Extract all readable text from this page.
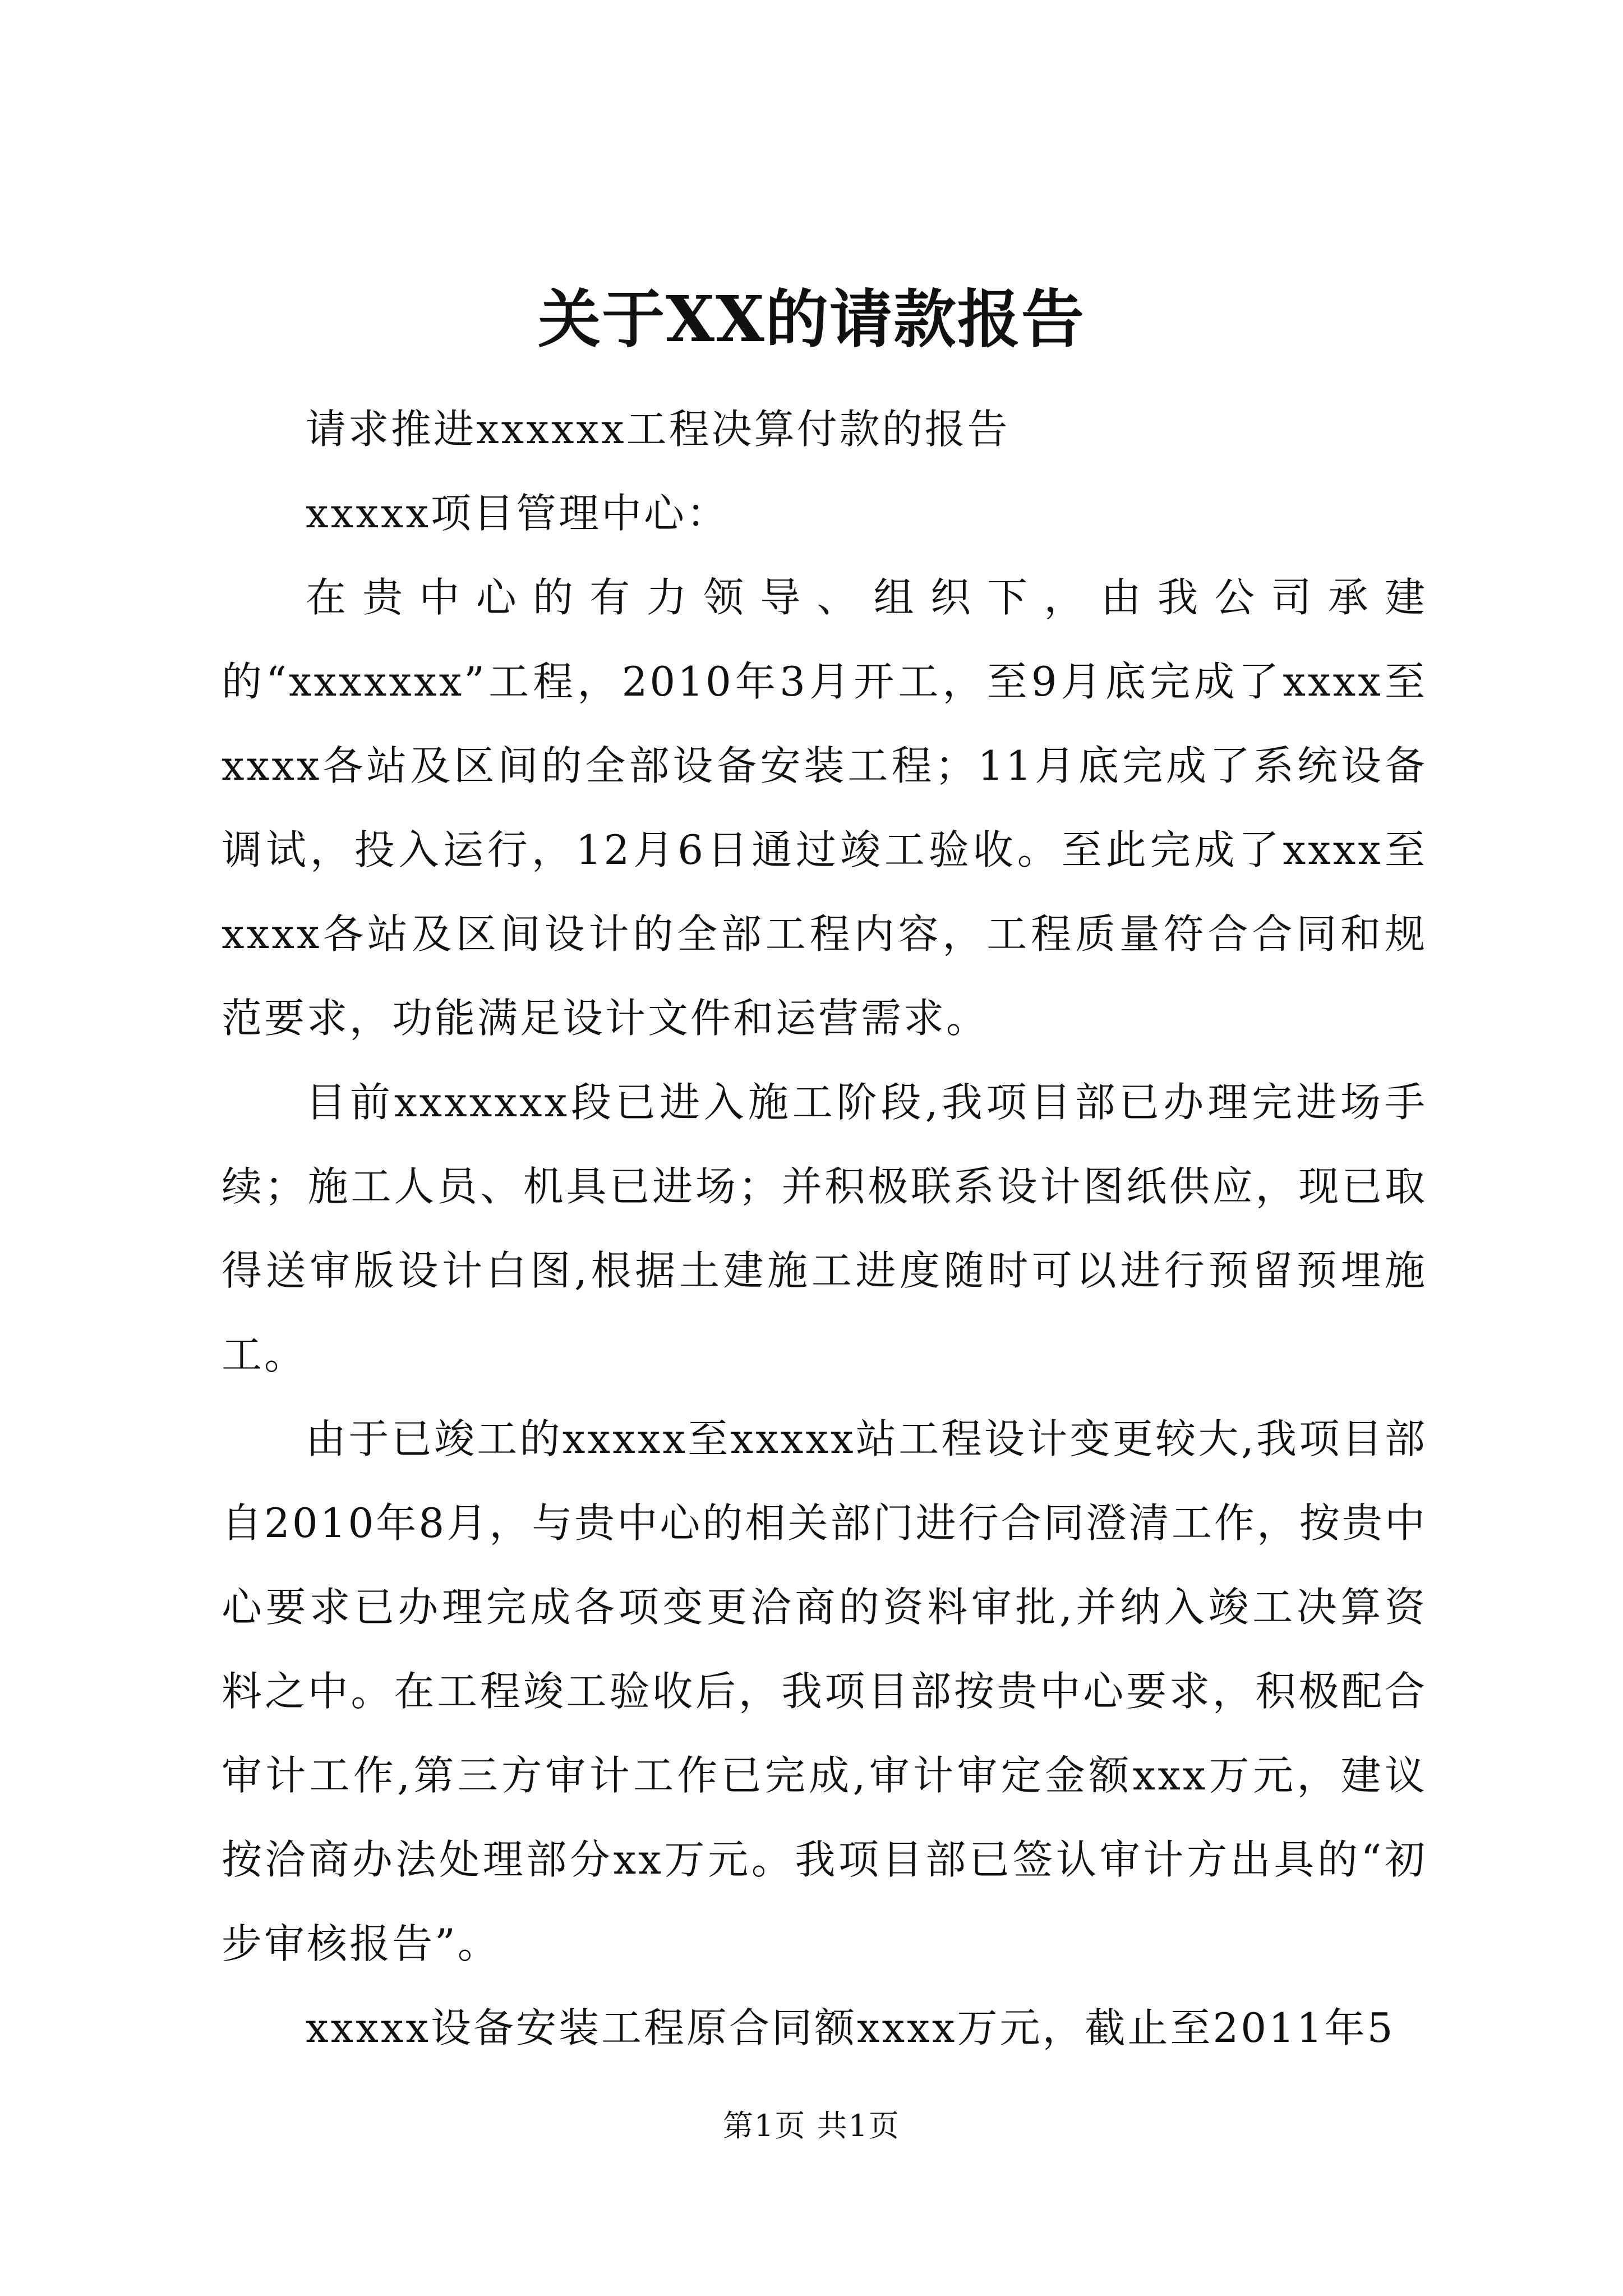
关于XX的请款报告

请求推进xxxxxx工程决算付款的报告

xxxxx项目管理中心：

在贵中心的有力领导、组织下，由我公司承建的“xxxxxxx”工程，2010年3月开工，至9月底完成了xxxx至xxxx各站及区间的全部设备安装工程；11月底完成了系统设备调试，投入运行，12月6日通过竣工验收。至此完成了xxxx至xxxx各站及区间设计的全部工程内容，工程质量符合合同和规范要求，功能满足设计文件和运营需求。

目前xxxxxxx段已进入施工阶段,我项目部已办理完进场手续；施工人员、机具已进场；并积极联系设计图纸供应，现已取得送审版设计白图,根据土建施工进度随时可以进行预留预埋施工。

由于已竣工的xxxxx至xxxxx站工程设计变更较大,我项目部自2010年8月，与贵中心的相关部门进行合同澄清工作，按贵中心要求已办理完成各项变更洽商的资料审批,并纳入竣工决算资料之中。在工程竣工验收后，我项目部按贵中心要求，积极配合审计工作,第三方审计工作已完成,审计审定金额xxx万元，建议按洽商办法处理部分xx万元。我项目部已签认审计方出具的“初步审核报告”。

xxxxx设备安装工程原合同额xxxx万元，截止至2011年5

第1页 共1页
